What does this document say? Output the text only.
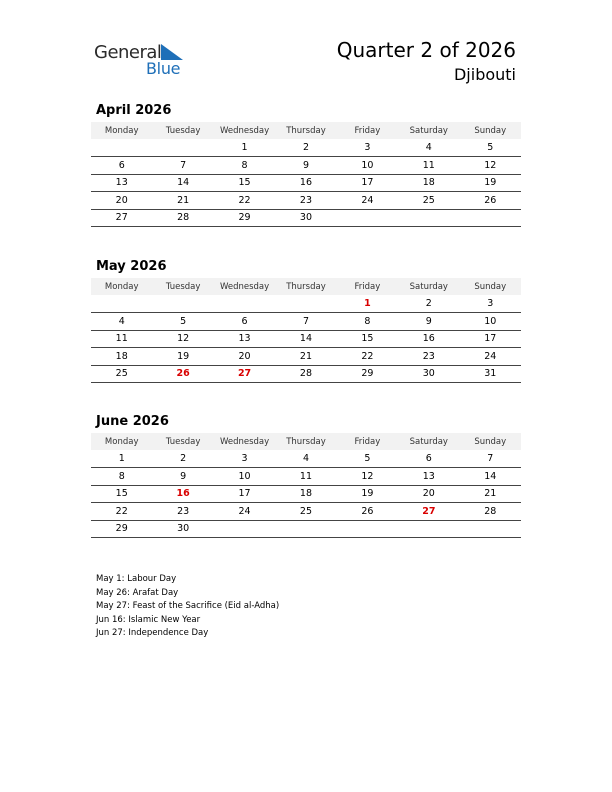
General
Blue
Quarter 2 of 2026
Djibouti
April 2026
Monday	Tuesday	Wednesday	Thursday	Friday	Saturday	Sunday
		1	2	3	4	5
6	7	8	9	10	11	12
13	14	15	16	17	18	19
20	21	22	23	24	25	26
27	28	29	30			
May 2026
Monday	Tuesday	Wednesday	Thursday	Friday	Saturday	Sunday
				1	2	3
4	5	6	7	8	9	10
11	12	13	14	15	16	17
18	19	20	21	22	23	24
25	26	27	28	29	30	31
June 2026
Monday	Tuesday	Wednesday	Thursday	Friday	Saturday	Sunday
1	2	3	4	5	6	7
8	9	10	11	12	13	14
15	16	17	18	19	20	21
22	23	24	25	26	27	28
29	30					
May 1: Labour Day
May 26: Arafat Day
May 27: Feast of the Sacrifice (Eid al-Adha)
Jun 16: Islamic New Year
Jun 27: Independence Day
